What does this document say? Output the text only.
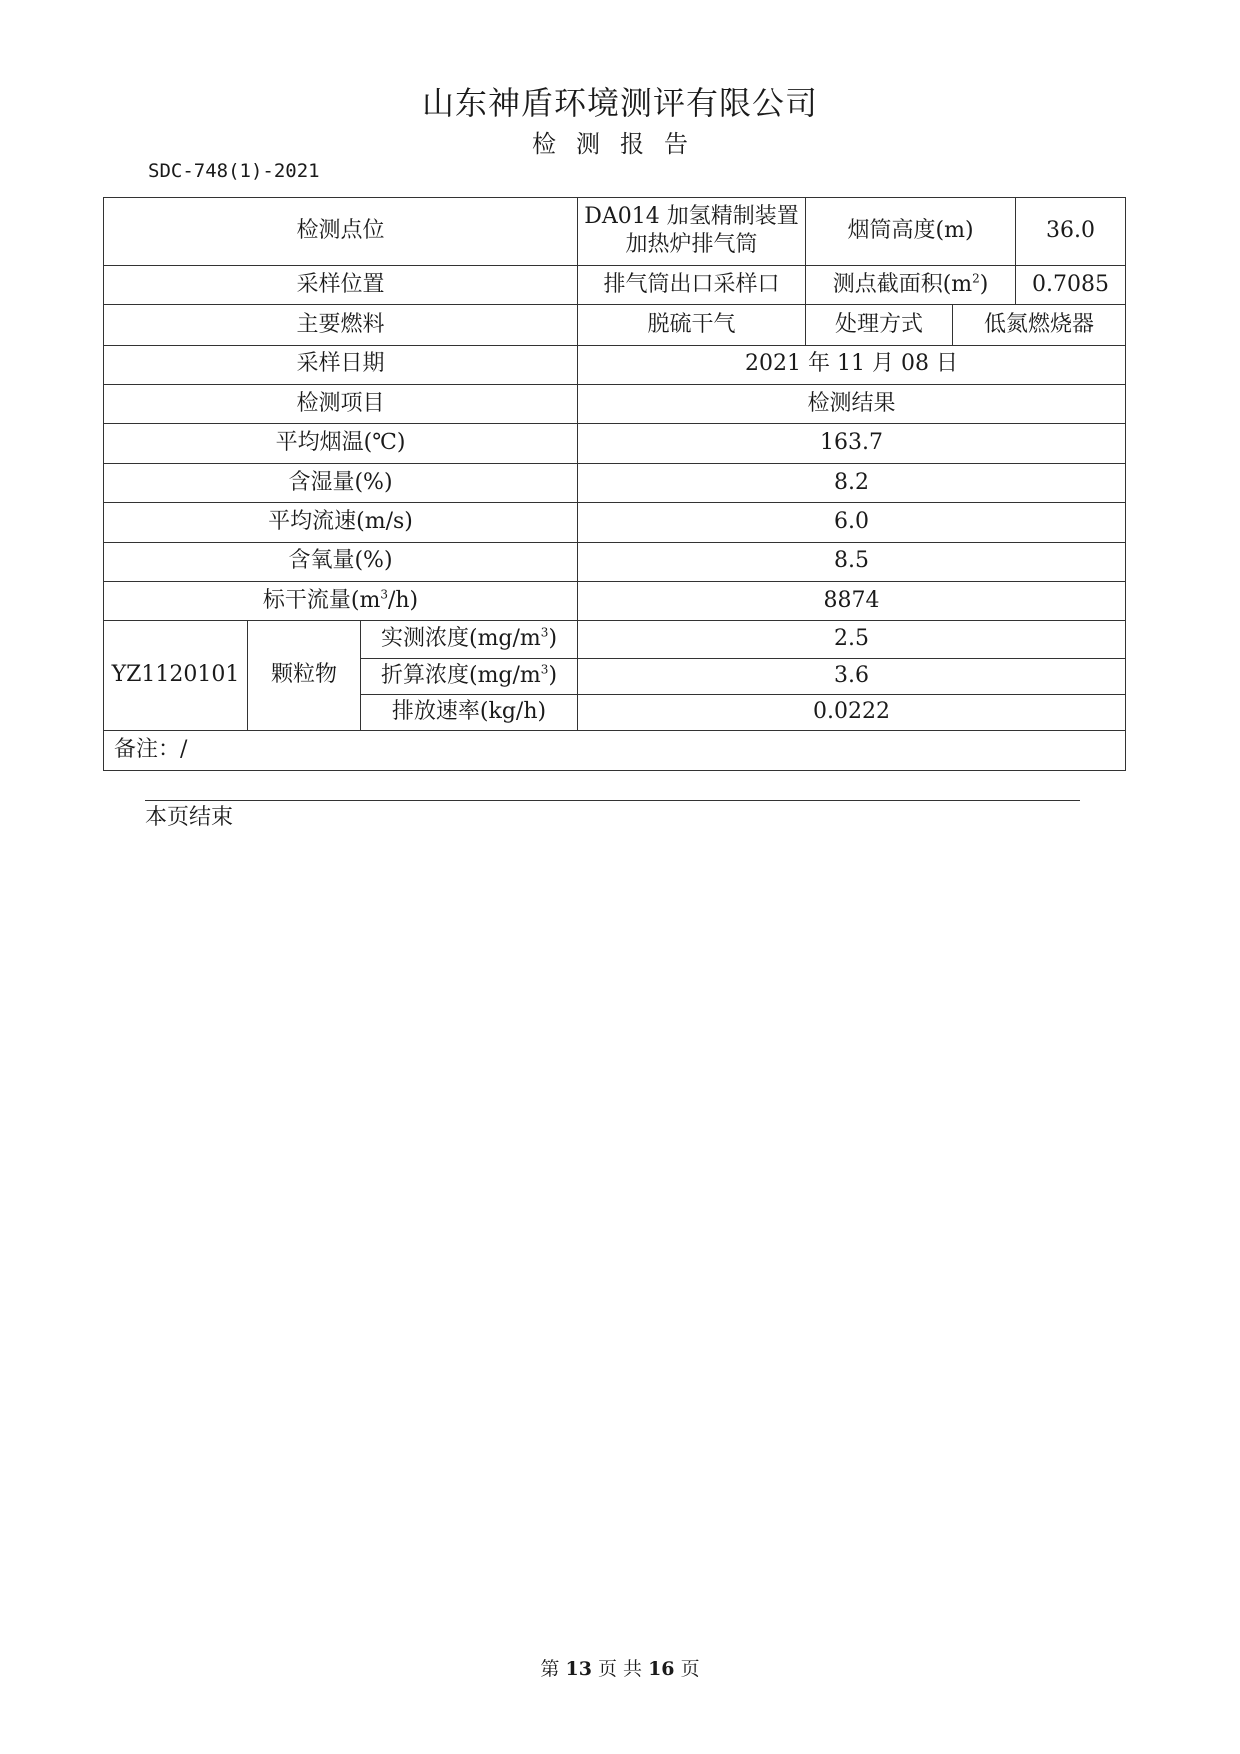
山东神盾环境测评有限公司
检测报告
SDC-748(1)-2021
检测点位			DA014 加氢精制装置加热炉排气筒	烟筒高度(m)		36.0
采样位置			排气筒出口采样口	测点截面积$(m^2)$		0.7085
主要燃料			脱硫干气	处理方式	低氮燃烧器	
采样日期			2021 年 11 月 08 日			
检测项目			检测结果			
平均烟温(℃)			163.7			
含湿量(%)			8.2			
平均流速(m/s)			6.0			
含氧量(%)			8.5			
标干流量$(m^3/h)$			8874			
YZ1120101	颗粒物	实测浓度$(mg/m^3)$	2.5			
		折算浓度$(mg/m^3)$	3.6			
		排放速率(kg/h)	0.0222			
备注：/						
本页结束
第 13 页 共 16 页
